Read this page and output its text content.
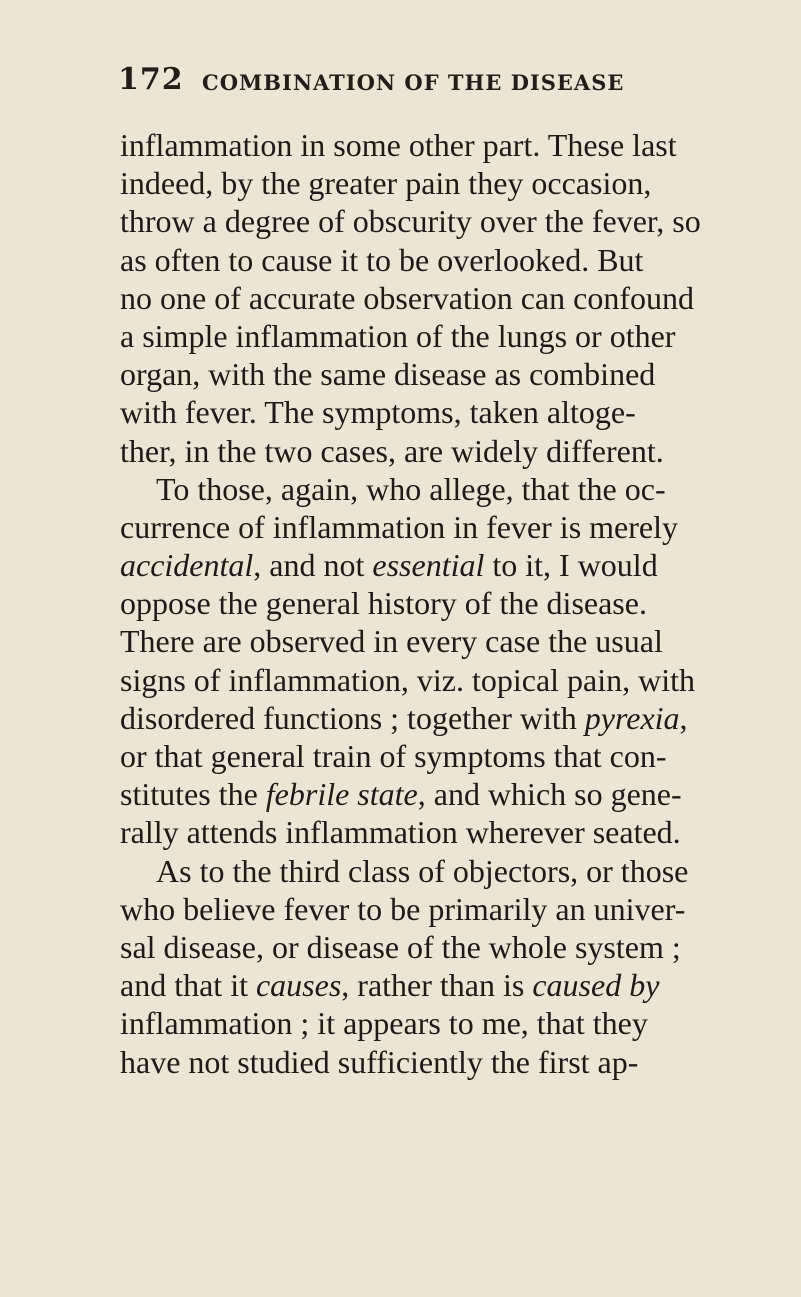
172 COMBINATION OF THE DISEASE
inflammation in some other part. These last
indeed, by the greater pain they occasion,
throw a degree of obscurity over the fever, so
as often to cause it to be overlooked. But
no one of accurate observation can confound
a simple inflammation of the lungs or other
organ, with the same disease as combined
with fever. The symptoms, taken altoge-
ther, in the two cases, are widely different.
To those, again, who allege, that the oc-
currence of inflammation in fever is merely
accidental, and not essential to it, I would
oppose the general history of the disease.
There are observed in every case the usual
signs of inflammation, viz. topical pain, with
disordered functions ; together with pyrexia,
or that general train of symptoms that con-
stitutes the febrile state, and which so gene-
rally attends inflammation wherever seated.
As to the third class of objectors, or those
who believe fever to be primarily an univer-
sal disease, or disease of the whole system ;
and that it causes, rather than is caused by
inflammation ; it appears to me, that they
have not studied sufficiently the first ap-
